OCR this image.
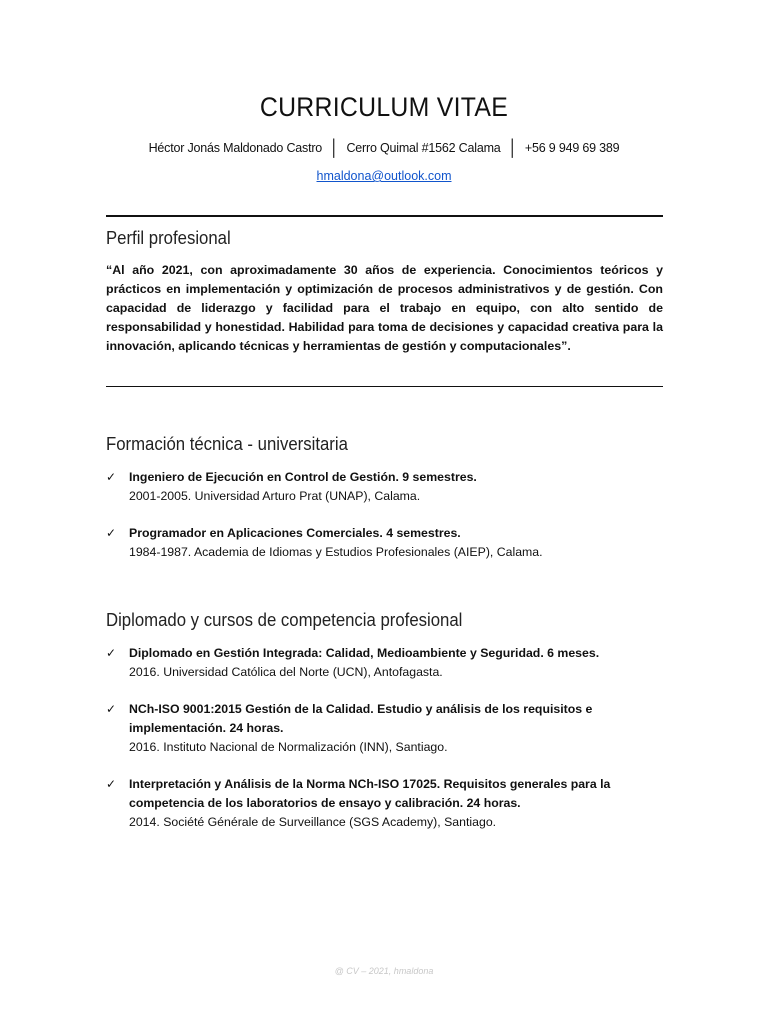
CURRICULUM VITAE
Héctor Jonás Maldonado Castro │ Cerro Quimal #1562 Calama │ +56 9 949 69 389
hmaldona@outlook.com
Perfil profesional
“Al año 2021, con aproximadamente 30 años de experiencia. Conocimientos teóricos y prácticos en implementación y optimización de procesos administrativos y de gestión. Con capacidad de liderazgo y facilidad para el trabajo en equipo, con alto sentido de responsabilidad y honestidad. Habilidad para toma de decisiones y capacidad creativa para la innovación, aplicando técnicas y herramientas de gestión y computacionales”.
Formación técnica - universitaria
✓	Ingeniero de Ejecución en Control de Gestión. 9 semestres.
2001-2005. Universidad Arturo Prat (UNAP), Calama.
✓	Programador en Aplicaciones Comerciales. 4 semestres.
1984-1987. Academia de Idiomas y Estudios Profesionales (AIEP), Calama.
Diplomado y cursos de competencia profesional
✓	Diplomado en Gestión Integrada: Calidad, Medioambiente y Seguridad. 6 meses.
2016. Universidad Católica del Norte (UCN), Antofagasta.
✓	NCh-ISO 9001:2015 Gestión de la Calidad. Estudio y análisis de los requisitos e
implementación. 24 horas.
2016. Instituto Nacional de Normalización (INN), Santiago.
✓	Interpretación y Análisis de la Norma NCh-ISO 17025. Requisitos generales para la
competencia de los laboratorios de ensayo y calibración. 24 horas.
2014. Société Générale de Surveillance (SGS Academy), Santiago.
@ CV – 2021, hmaldona
